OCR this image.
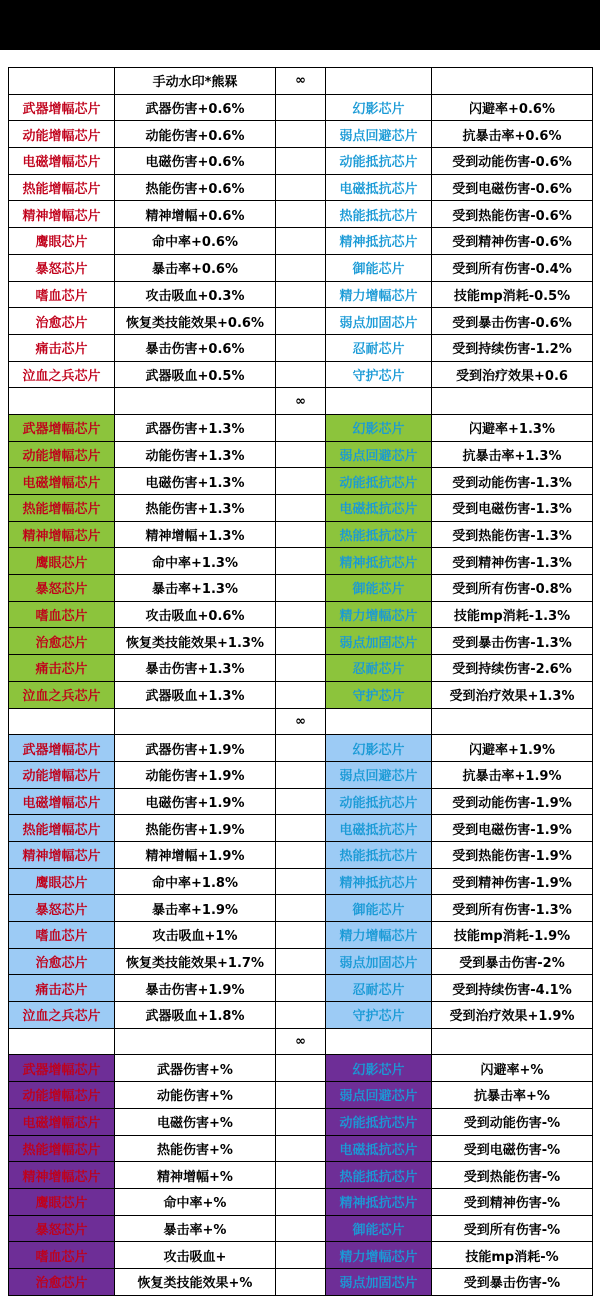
	手动水印*熊槑	∞		
武器增幅芯片	武器伤害+0.6%		幻影芯片	闪避率+0.6%
动能增幅芯片	动能伤害+0.6%		弱点回避芯片	抗暴击率+0.6%
电磁增幅芯片	电磁伤害+0.6%		动能抵抗芯片	受到动能伤害-0.6%
热能增幅芯片	热能伤害+0.6%		电磁抵抗芯片	受到电磁伤害-0.6%
精神增幅芯片	精神增幅+0.6%		热能抵抗芯片	受到热能伤害-0.6%
鹰眼芯片	命中率+0.6%		精神抵抗芯片	受到精神伤害-0.6%
暴怒芯片	暴击率+0.6%		御能芯片	受到所有伤害-0.4%
嗜血芯片	攻击吸血+0.3%		精力增幅芯片	技能mp消耗-0.5%
治愈芯片	恢复类技能效果+0.6%		弱点加固芯片	受到暴击伤害-0.6%
痛击芯片	暴击伤害+0.6%		忍耐芯片	受到持续伤害-1.2%
泣血之兵芯片	武器吸血+0.5%		守护芯片	受到治疗效果+0.6
		∞		
武器增幅芯片	武器伤害+1.3%		幻影芯片	闪避率+1.3%
动能增幅芯片	动能伤害+1.3%		弱点回避芯片	抗暴击率+1.3%
电磁增幅芯片	电磁伤害+1.3%		动能抵抗芯片	受到动能伤害-1.3%
热能增幅芯片	热能伤害+1.3%		电磁抵抗芯片	受到电磁伤害-1.3%
精神增幅芯片	精神增幅+1.3%		热能抵抗芯片	受到热能伤害-1.3%
鹰眼芯片	命中率+1.3%		精神抵抗芯片	受到精神伤害-1.3%
暴怒芯片	暴击率+1.3%		御能芯片	受到所有伤害-0.8%
嗜血芯片	攻击吸血+0.6%		精力增幅芯片	技能mp消耗-1.3%
治愈芯片	恢复类技能效果+1.3%		弱点加固芯片	受到暴击伤害-1.3%
痛击芯片	暴击伤害+1.3%		忍耐芯片	受到持续伤害-2.6%
泣血之兵芯片	武器吸血+1.3%		守护芯片	受到治疗效果+1.3%
		∞		
武器增幅芯片	武器伤害+1.9%		幻影芯片	闪避率+1.9%
动能增幅芯片	动能伤害+1.9%		弱点回避芯片	抗暴击率+1.9%
电磁增幅芯片	电磁伤害+1.9%		动能抵抗芯片	受到动能伤害-1.9%
热能增幅芯片	热能伤害+1.9%		电磁抵抗芯片	受到电磁伤害-1.9%
精神增幅芯片	精神增幅+1.9%		热能抵抗芯片	受到热能伤害-1.9%
鹰眼芯片	命中率+1.8%		精神抵抗芯片	受到精神伤害-1.9%
暴怒芯片	暴击率+1.9%		御能芯片	受到所有伤害-1.3%
嗜血芯片	攻击吸血+1%		精力增幅芯片	技能mp消耗-1.9%
治愈芯片	恢复类技能效果+1.7%		弱点加固芯片	受到暴击伤害-2%
痛击芯片	暴击伤害+1.9%		忍耐芯片	受到持续伤害-4.1%
泣血之兵芯片	武器吸血+1.8%		守护芯片	受到治疗效果+1.9%
		∞		
武器增幅芯片	武器伤害+%		幻影芯片	闪避率+%
动能增幅芯片	动能伤害+%		弱点回避芯片	抗暴击率+%
电磁增幅芯片	电磁伤害+%		动能抵抗芯片	受到动能伤害-%
热能增幅芯片	热能伤害+%		电磁抵抗芯片	受到电磁伤害-%
精神增幅芯片	精神增幅+%		热能抵抗芯片	受到热能伤害-%
鹰眼芯片	命中率+%		精神抵抗芯片	受到精神伤害-%
暴怒芯片	暴击率+%		御能芯片	受到所有伤害-%
嗜血芯片	攻击吸血+		精力增幅芯片	技能mp消耗-%
治愈芯片	恢复类技能效果+%		弱点加固芯片	受到暴击伤害-%
